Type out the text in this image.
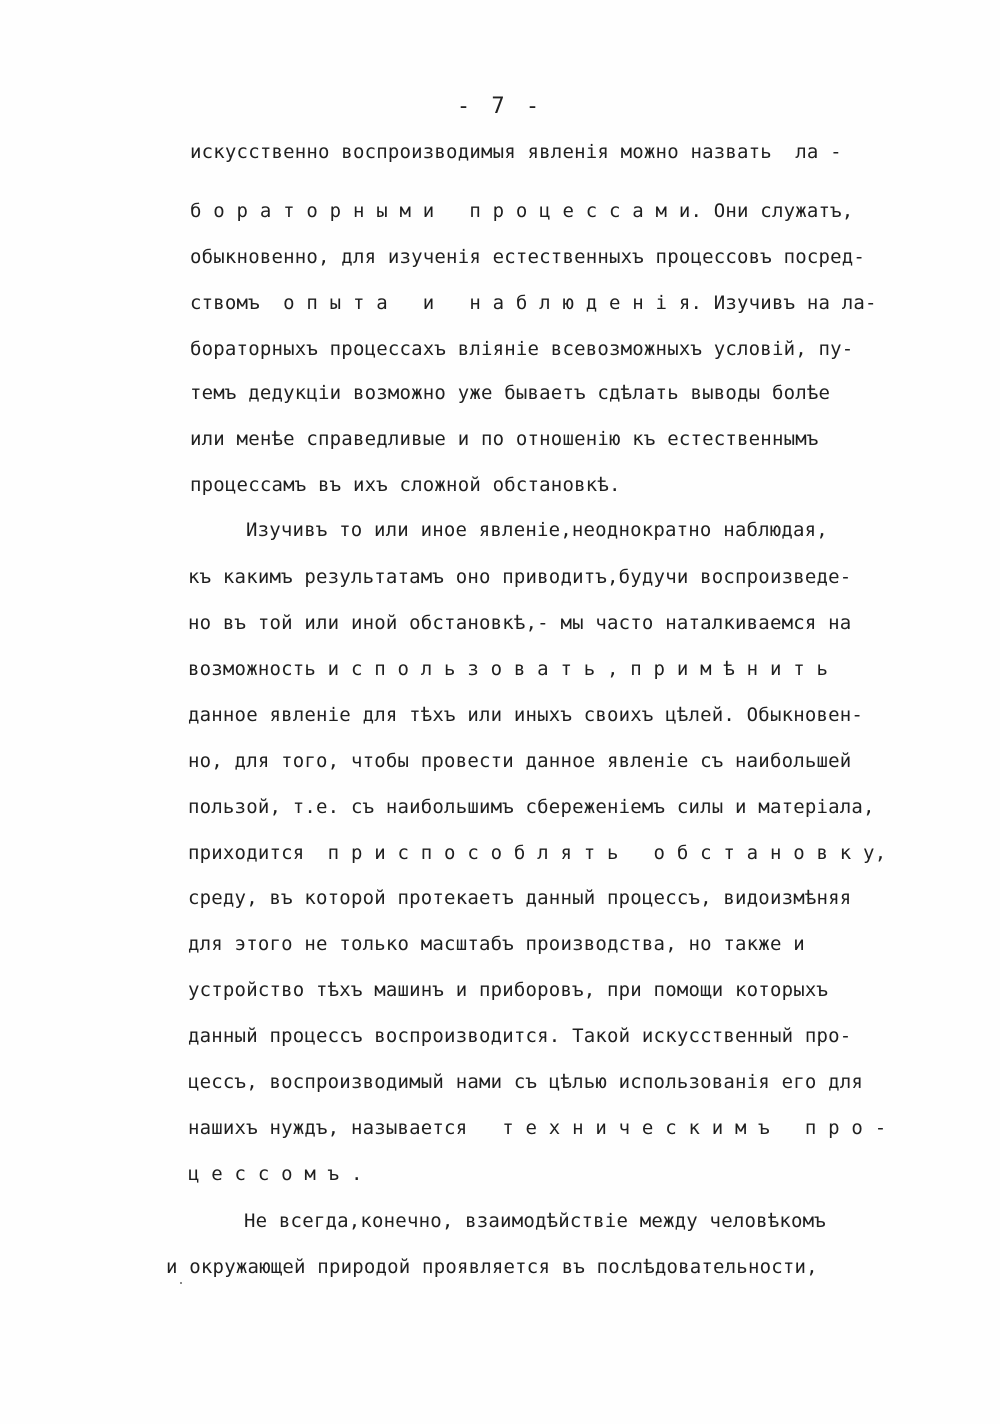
- 7 -
искусственно воспроизводимыя явленія можно назвать  ла -
б о р а т о р н ы м и   п р о ц е с с а м и. Они служатъ,
обыкновенно, для изученія естественныхъ процессовъ посред-
ствомъ  о п ы т а   и   н а б л ю д е н і я. Изучивъ на ла-
бораторныхъ процессахъ вліяніе всевозможныхъ условій, пу-
темъ дедукціи возможно уже бываетъ сдѣлать выводы болѣе
или менѣе справедливые и по отношенію къ естественнымъ
процессамъ въ ихъ сложной обстановкѣ.
Изучивъ то или иное явленіе,неоднократно наблюдая,
къ какимъ результатамъ оно приводитъ,будучи воспроизведе-
но въ той или иной обстановкѣ,- мы часто наталкиваемся на
возможность и с п о л ь з о в а т ь , п р и м ѣ н и т ь
данное явленіе для тѣхъ или иныхъ своихъ цѣлей. Обыкновен-
но, для того, чтобы провести данное явленіе съ наибольшей
пользой, т.е. съ наибольшимъ сбереженіемъ силы и матеріала,
приходится  п р и с п о с о б л я т ь   о б с т а н о в к у,
среду, въ которой протекаетъ данный процессъ, видоизмѣняя
для этого не только масштабъ производства, но также и
устройство тѣхъ машинъ и приборовъ, при помощи которыхъ
данный процессъ воспроизводится. Такой искусственный про-
цессъ, воспроизводимый нами съ цѣлью использованія его для
нашихъ нуждъ, называется   т е х н и ч е с к и м ъ   п р о -
ц е с с о м ъ .
Не всегда,конечно, взаимодѣйствіе между человѣкомъ
и окружающей природой проявляется въ послѣдовательности,
